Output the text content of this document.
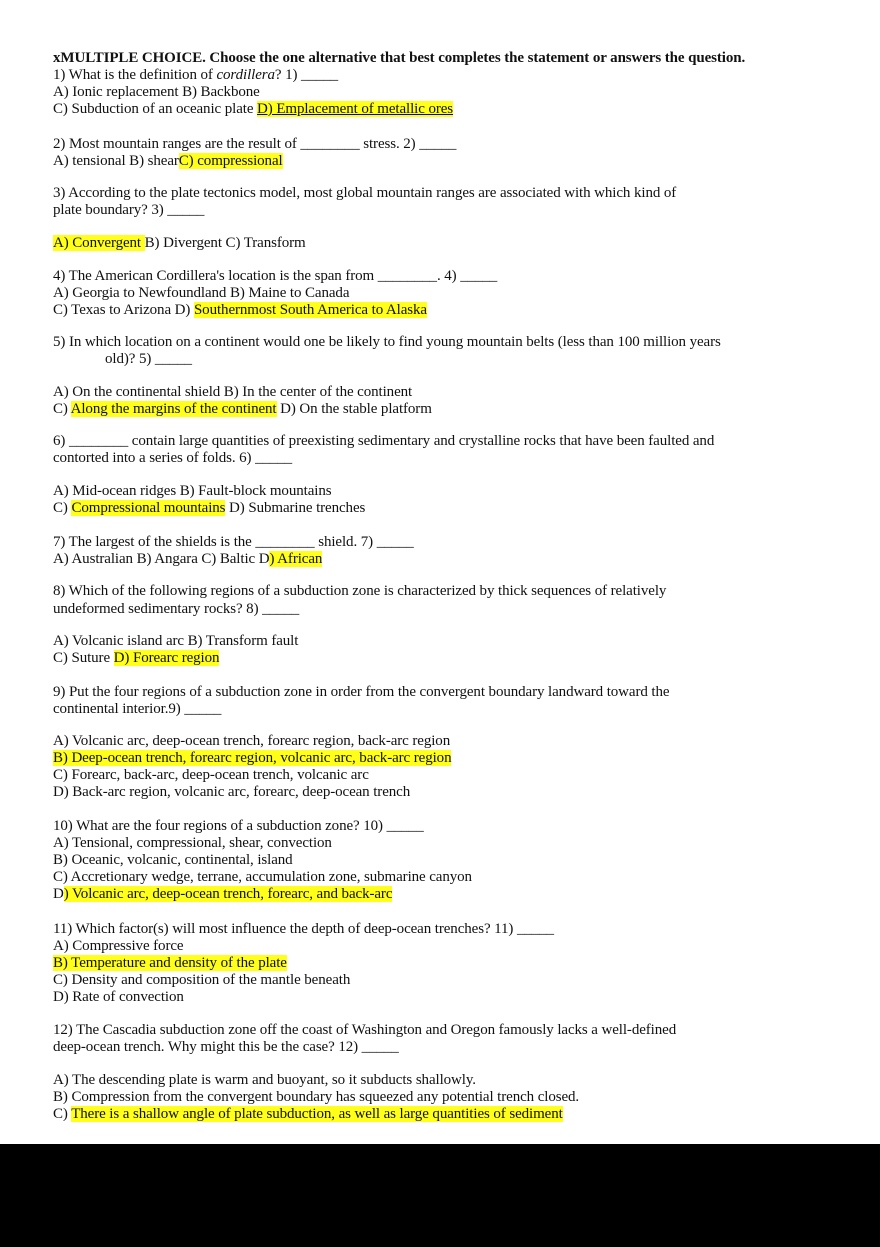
xMULTIPLE CHOICE. Choose the one alternative that best completes the statement or answers the question.
1) What is the definition of cordillera? 1) _____
A) Ionic replacement B) Backbone
C) Subduction of an oceanic plate D) Emplacement of metallic ores
2) Most mountain ranges are the result of ________ stress. 2) _____
A) tensional B) shearC) compressional
3) According to the plate tectonics model, most global mountain ranges are associated with which kind of
plate boundary? 3) _____
A) Convergent B) Divergent C) Transform
4) The American Cordillera's location is the span from ________. 4) _____
A) Georgia to Newfoundland B) Maine to Canada
C) Texas to Arizona D) Southernmost South America to Alaska
5) In which location on a continent would one be likely to find young mountain belts (less than 100 million years
old)? 5) _____
A) On the continental shield B) In the center of the continent
C) Along the margins of the continent D) On the stable platform
6) ________ contain large quantities of preexisting sedimentary and crystalline rocks that have been faulted and
contorted into a series of folds. 6) _____
A) Mid-ocean ridges B) Fault-block mountains
C) Compressional mountains D) Submarine trenches
7) The largest of the shields is the ________ shield. 7) _____
A) Australian B) Angara C) Baltic D) African
8) Which of the following regions of a subduction zone is characterized by thick sequences of relatively
undeformed sedimentary rocks? 8) _____
A) Volcanic island arc B) Transform fault
C) Suture D) Forearc region
9) Put the four regions of a subduction zone in order from the convergent boundary landward toward the
continental interior.9) _____
A) Volcanic arc, deep-ocean trench, forearc region, back-arc region
B) Deep-ocean trench, forearc region, volcanic arc, back-arc region
C) Forearc, back-arc, deep-ocean trench, volcanic arc
D) Back-arc region, volcanic arc, forearc, deep-ocean trench
10) What are the four regions of a subduction zone? 10) _____
A) Tensional, compressional, shear, convection
B) Oceanic, volcanic, continental, island
C) Accretionary wedge, terrane, accumulation zone, submarine canyon
D) Volcanic arc, deep-ocean trench, forearc, and back-arc
11) Which factor(s) will most influence the depth of deep-ocean trenches? 11) _____
A) Compressive force
B) Temperature and density of the plate
C) Density and composition of the mantle beneath
D) Rate of convection
12) The Cascadia subduction zone off the coast of Washington and Oregon famously lacks a well-defined
deep-ocean trench. Why might this be the case? 12) _____
A) The descending plate is warm and buoyant, so it subducts shallowly.
B) Compression from the convergent boundary has squeezed any potential trench closed.
C) There is a shallow angle of plate subduction, as well as large quantities of sediment
